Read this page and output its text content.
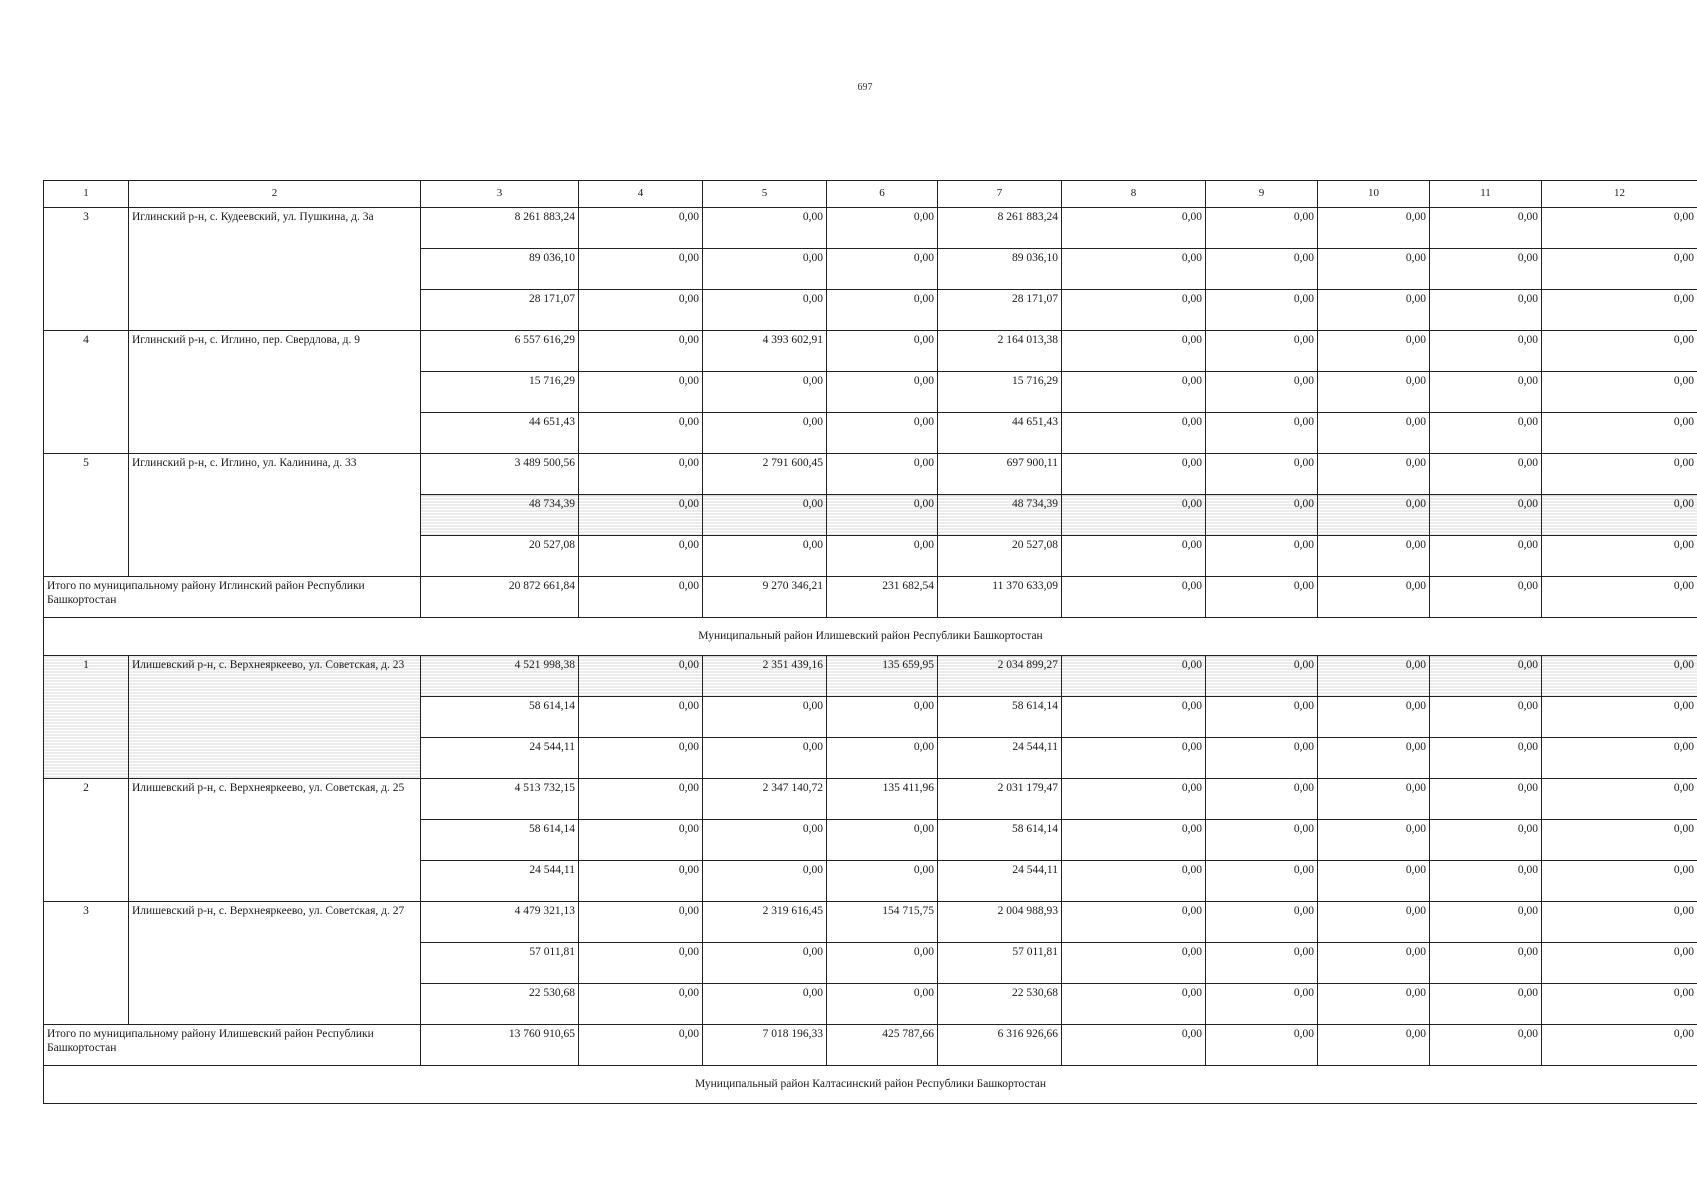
697
1	2	3	4	5	6	7	8	9	10	11	12
3	Иглинский р-н, с. Кудеевский, ул. Пушкина, д. 3а	8 261 883,24	0,00	0,00	0,00	8 261 883,24	0,00	0,00	0,00	0,00	0,00
		89 036,10	0,00	0,00	0,00	89 036,10	0,00	0,00	0,00	0,00	0,00
		28 171,07	0,00	0,00	0,00	28 171,07	0,00	0,00	0,00	0,00	0,00
4	Иглинский р-н, с. Иглино, пер. Свердлова, д. 9	6 557 616,29	0,00	4 393 602,91	0,00	2 164 013,38	0,00	0,00	0,00	0,00	0,00
		15 716,29	0,00	0,00	0,00	15 716,29	0,00	0,00	0,00	0,00	0,00
		44 651,43	0,00	0,00	0,00	44 651,43	0,00	0,00	0,00	0,00	0,00
5	Иглинский р-н, с. Иглино, ул. Калинина, д. 33	3 489 500,56	0,00	2 791 600,45	0,00	697 900,11	0,00	0,00	0,00	0,00	0,00
		48 734,39	0,00	0,00	0,00	48 734,39	0,00	0,00	0,00	0,00	0,00
		20 527,08	0,00	0,00	0,00	20 527,08	0,00	0,00	0,00	0,00	0,00
Итого по муниципальному району Иглинский район Республики Башкортостан		20 872 661,84	0,00	9 270 346,21	231 682,54	11 370 633,09	0,00	0,00	0,00	0,00	0,00
Муниципальный район Илишевский район Республики Башкортостан											
1	Илишевский р-н, с. Верхнеяркеево, ул. Советская, д. 23	4 521 998,38	0,00	2 351 439,16	135 659,95	2 034 899,27	0,00	0,00	0,00	0,00	0,00
		58 614,14	0,00	0,00	0,00	58 614,14	0,00	0,00	0,00	0,00	0,00
		24 544,11	0,00	0,00	0,00	24 544,11	0,00	0,00	0,00	0,00	0,00
2	Илишевский р-н, с. Верхнеяркеево, ул. Советская, д. 25	4 513 732,15	0,00	2 347 140,72	135 411,96	2 031 179,47	0,00	0,00	0,00	0,00	0,00
		58 614,14	0,00	0,00	0,00	58 614,14	0,00	0,00	0,00	0,00	0,00
		24 544,11	0,00	0,00	0,00	24 544,11	0,00	0,00	0,00	0,00	0,00
3	Илишевский р-н, с. Верхнеяркеево, ул. Советская, д. 27	4 479 321,13	0,00	2 319 616,45	154 715,75	2 004 988,93	0,00	0,00	0,00	0,00	0,00
		57 011,81	0,00	0,00	0,00	57 011,81	0,00	0,00	0,00	0,00	0,00
		22 530,68	0,00	0,00	0,00	22 530,68	0,00	0,00	0,00	0,00	0,00
Итого по муниципальному району Илишевский район Республики Башкортостан		13 760 910,65	0,00	7 018 196,33	425 787,66	6 316 926,66	0,00	0,00	0,00	0,00	0,00
Муниципальный район Калтасинский район Республики Башкортостан											
